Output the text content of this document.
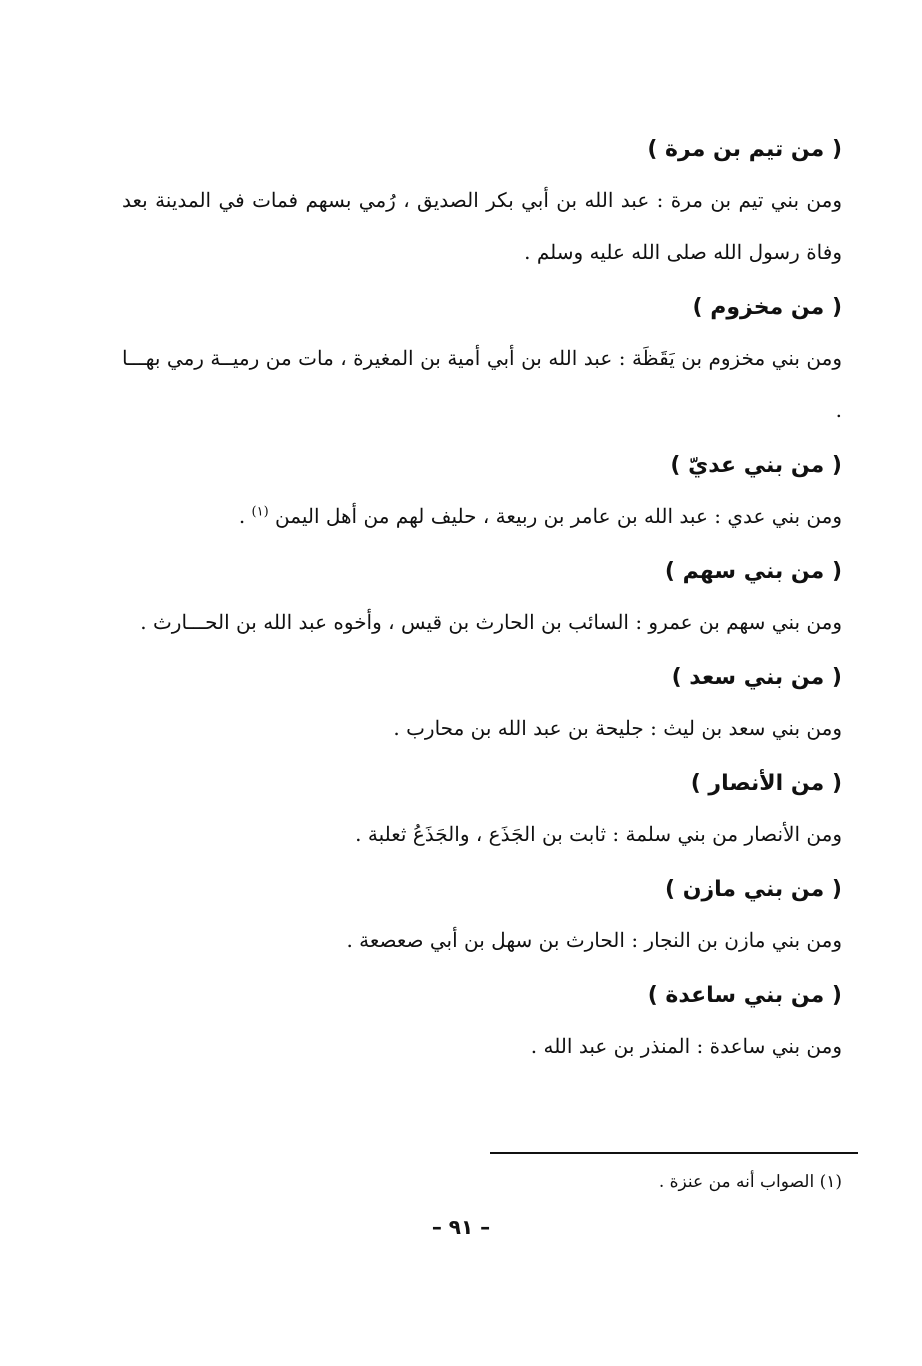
( من تيم بن مرة )

ومن بني تيم بن مرة : عبد الله بن أبي بكر الصديق ، رُمي بسهم فمات في المدينة بعد وفاة رسول الله صلى الله عليه وسلم .

( من مخزوم )

ومن بني مخزوم بن يَقَظَة : عبد الله بن أبي أمية بن المغيرة ، مات من رميــة رمي بهـــا .

( من بني عديّ )

ومن بني عدي : عبد الله بن عامر بن ربيعة ، حليف لهم من أهل اليمن $^{(١)}$ .

( من بني سهم )

ومن بني سهم بن عمرو : السائب بن الحارث بن قيس ، وأخوه عبد الله بن الحـــارث .

( من بني سعد )

ومن بني سعد بن ليث : جليحة بن عبد الله بن محارب .

( من الأنصار )

ومن الأنصار من بني سلمة : ثابت بن الجَذَع ، والجَذَعُ ثعلبة .

( من بني مازن )

ومن بني مازن بن النجار : الحارث بن سهل بن أبي صعصعة .

( من بني ساعدة )

ومن بني ساعدة : المنذر بن عبد الله .

(١) الصواب أنه من عنزة .
– ٩١ –
